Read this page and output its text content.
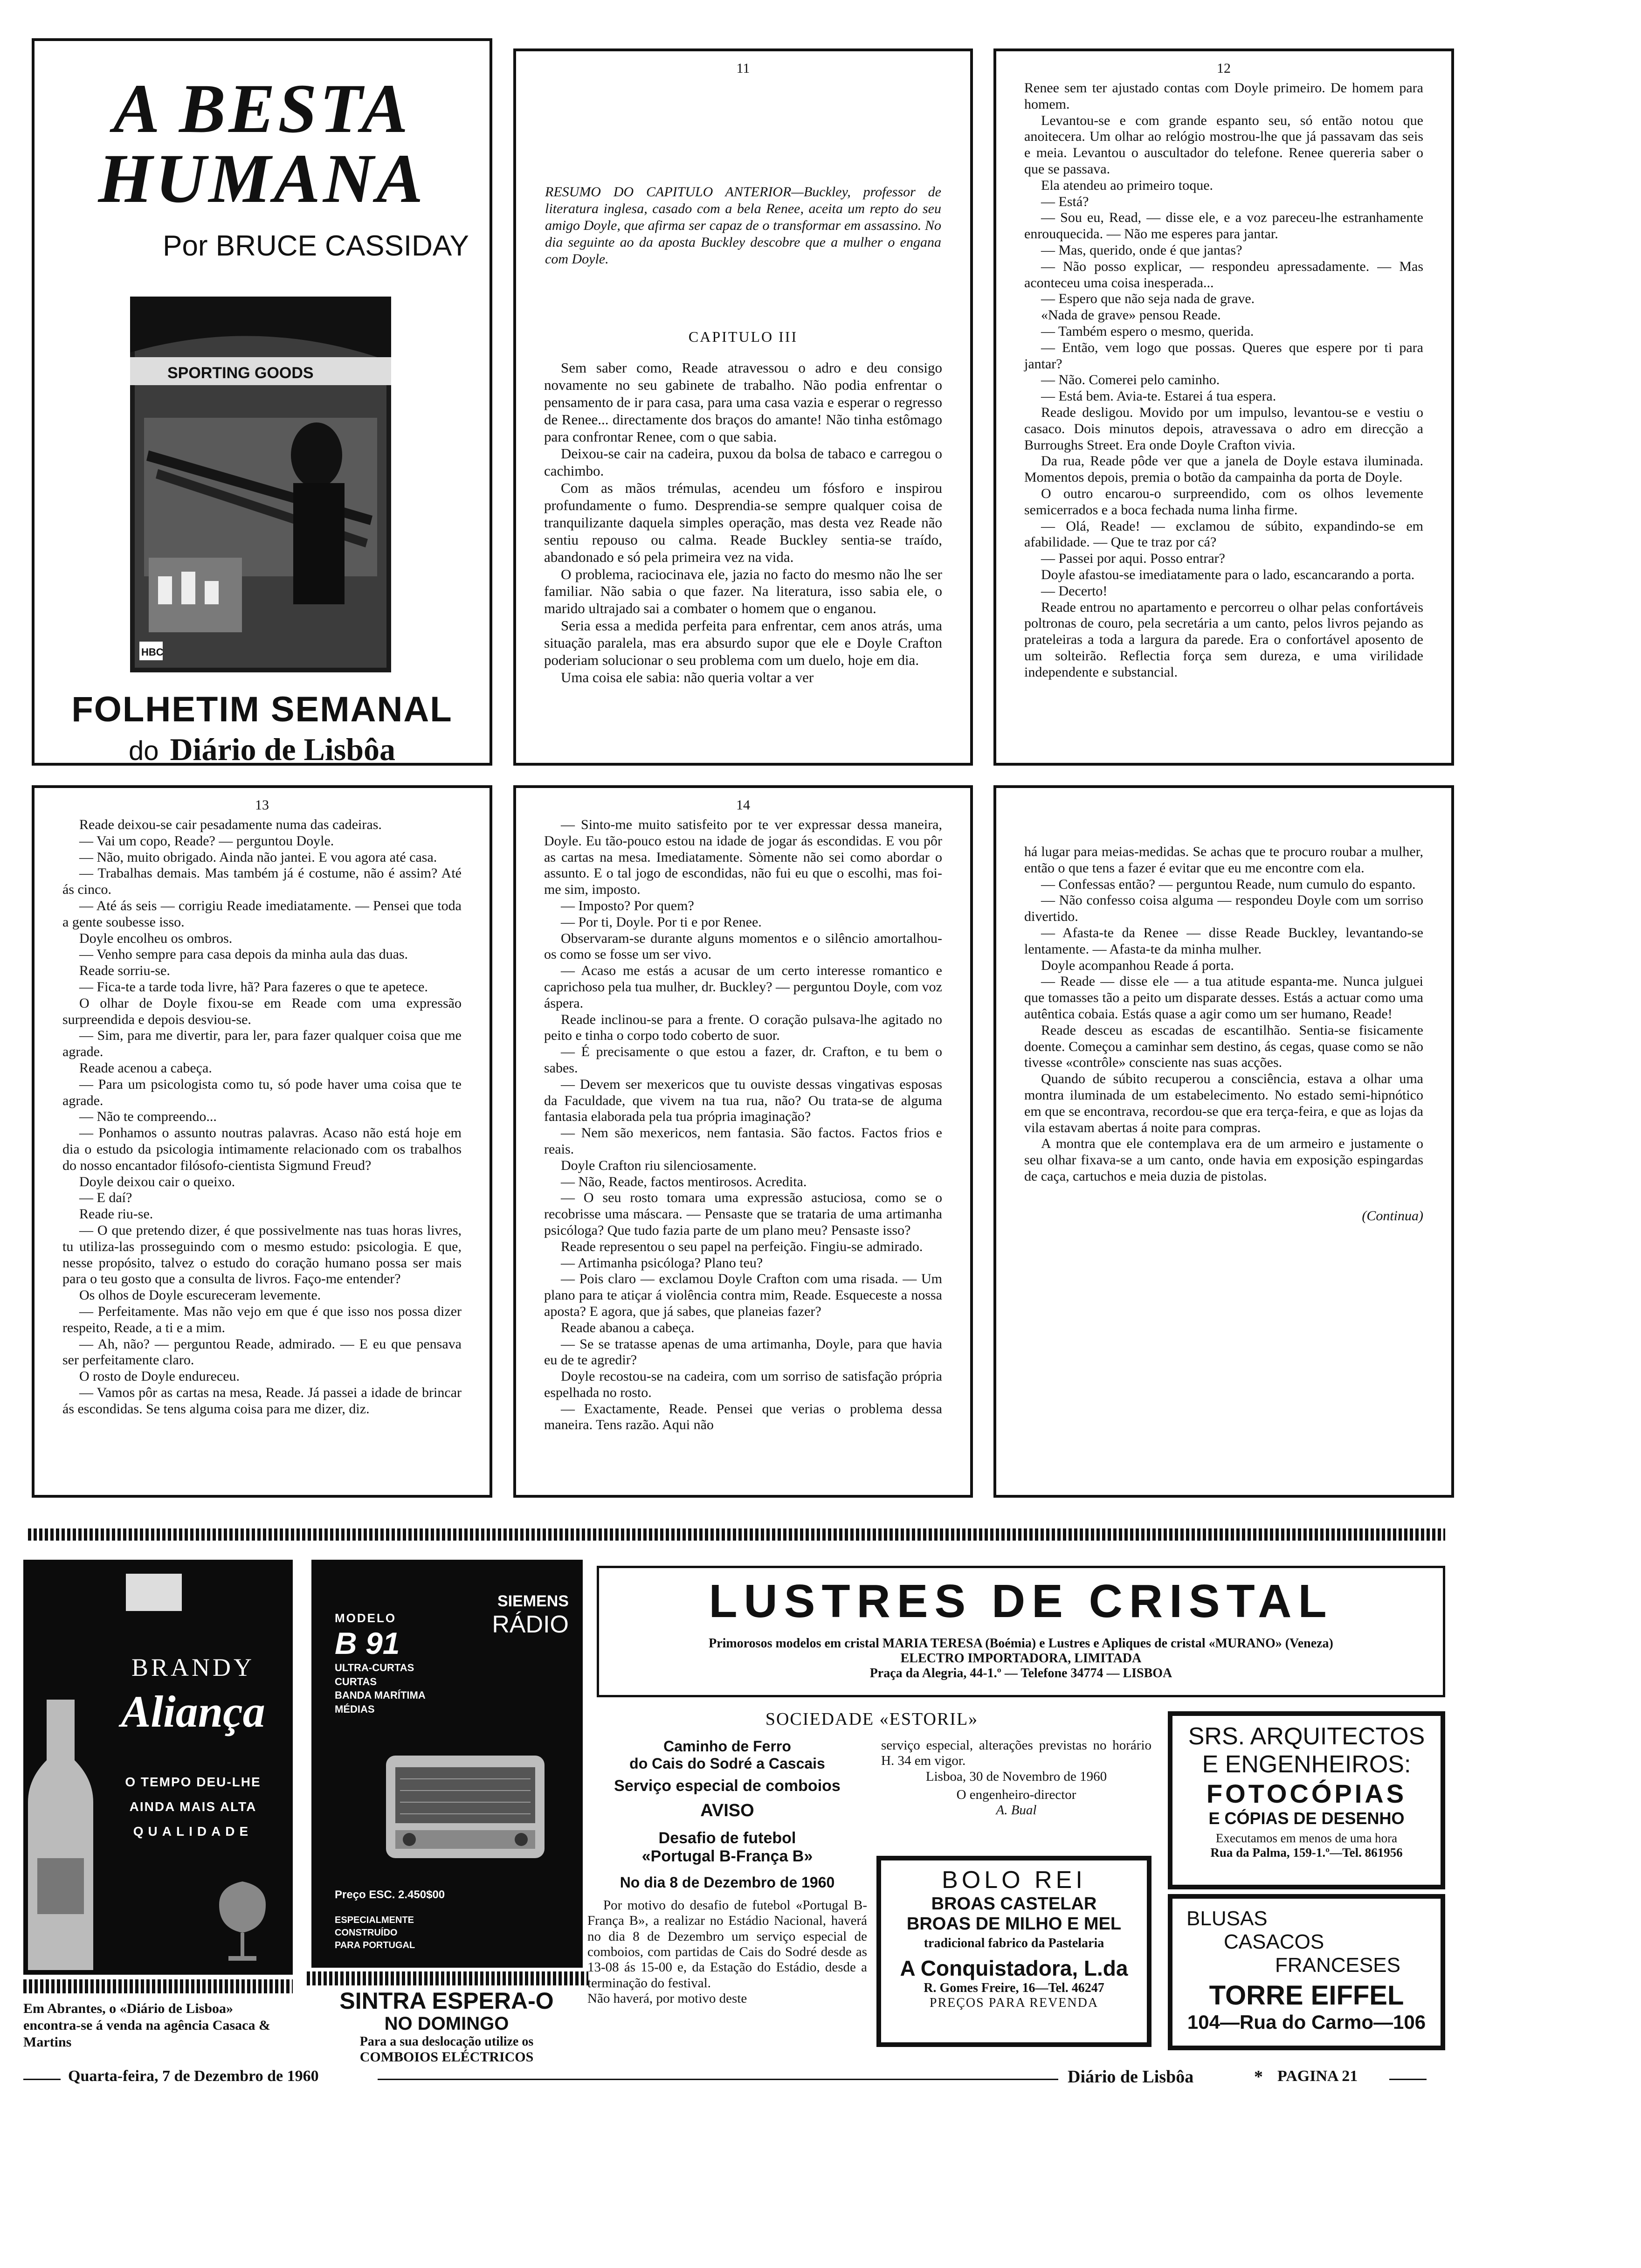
A BESTA
HUMANA
Por BRUCE CASSIDAY
SPORTING GOODS
HBC
FOLHETIM SEMANAL
do Diário de Lisbôa
11
RESUMO DO CAPITULO ANTERIOR—Buckley, professor de literatura inglesa, casado com a bela Renee, aceita um repto do seu amigo Doyle, que afirma ser capaz de o transformar em assassino. No dia seguinte ao da aposta Buckley descobre que a mulher o engana com Doyle.
CAPITULO III

Sem saber como, Reade atravessou o adro e deu consigo novamente no seu gabinete de trabalho. Não podia enfrentar o pensamento de ir para casa, para uma casa vazia e esperar o regresso de Renee... directamente dos braços do amante! Não tinha estômago para confrontar Renee, com o que sabia.

Deixou-se cair na cadeira, puxou da bolsa de tabaco e carregou o cachimbo.

Com as mãos trémulas, acendeu um fósforo e inspirou profundamente o fumo. Desprendia-se sempre qualquer coisa de tranquilizante daquela simples operação, mas desta vez Reade não sentiu repouso ou calma. Reade Buckley sentia-se traído, abandonado e só pela primeira vez na vida.

O problema, raciocinava ele, jazia no facto do mesmo não lhe ser familiar. Não sabia o que fazer. Na literatura, isso sabia ele, o marido ultrajado sai a combater o homem que o enganou.

Seria essa a medida perfeita para enfrentar, cem anos atrás, uma situação paralela, mas era absurdo supor que ele e Doyle Crafton poderiam solucionar o seu problema com um duelo, hoje em dia.

Uma coisa ele sabia: não queria voltar a ver

12

Renee sem ter ajustado contas com Doyle primeiro. De homem para homem.

Levantou-se e com grande espanto seu, só então notou que anoitecera. Um olhar ao relógio mostrou-lhe que já passavam das seis e meia. Levantou o auscultador do telefone. Renee quereria saber o que se passava.

Ela atendeu ao primeiro toque.

— Está?

— Sou eu, Read, — disse ele, e a voz pareceu-lhe estranhamente enrouquecida. — Não me esperes para jantar.

— Mas, querido, onde é que jantas?

— Não posso explicar, — respondeu apressadamente. — Mas aconteceu uma coisa inesperada...

— Espero que não seja nada de grave.

«Nada de grave» pensou Reade.

— Também espero o mesmo, querida.

— Então, vem logo que possas. Queres que espere por ti para jantar?

— Não. Comerei pelo caminho.

— Está bem. Avia-te. Estarei á tua espera.

Reade desligou. Movido por um impulso, levantou-se e vestiu o casaco. Dois minutos depois, atravessava o adro em direcção a Burroughs Street. Era onde Doyle Crafton vivia.

Da rua, Reade pôde ver que a janela de Doyle estava iluminada. Momentos depois, premia o botão da campainha da porta de Doyle.

O outro encarou-o surpreendido, com os olhos levemente semicerrados e a boca fechada numa linha firme.

— Olá, Reade! — exclamou de súbito, expandindo-se em afabilidade. — Que te traz por cá?

— Passei por aqui. Posso entrar?

Doyle afastou-se imediatamente para o lado, escancarando a porta.

— Decerto!

Reade entrou no apartamento e percorreu o olhar pelas confortáveis poltronas de couro, pela secretária a um canto, pelos livros pejando as prateleiras a toda a largura da parede. Era o confortável aposento de um solteirão. Reflectia força sem dureza, e uma virilidade independente e substancial.

13

Reade deixou-se cair pesadamente numa das cadeiras.

— Vai um copo, Reade? — perguntou Doyle.

— Não, muito obrigado. Ainda não jantei. E vou agora até casa.

— Trabalhas demais. Mas também já é costume, não é assim? Até ás cinco.

— Até ás seis — corrigiu Reade imediatamente. — Pensei que toda a gente soubesse isso.

Doyle encolheu os ombros.

— Venho sempre para casa depois da minha aula das duas.

Reade sorriu-se.

— Fica-te a tarde toda livre, hã? Para fazeres o que te apetece.

O olhar de Doyle fixou-se em Reade com uma expressão surpreendida e depois desviou-se.

— Sim, para me divertir, para ler, para fazer qualquer coisa que me agrade.

Reade acenou a cabeça.

— Para um psicologista como tu, só pode haver uma coisa que te agrade.

— Não te compreendo...

— Ponhamos o assunto noutras palavras. Acaso não está hoje em dia o estudo da psicologia intimamente relacionado com os trabalhos do nosso encantador filósofo-cientista Sigmund Freud?

Doyle deixou cair o queixo.

— E daí?

Reade riu-se.

— O que pretendo dizer, é que possivelmente nas tuas horas livres, tu utiliza-las prosseguindo com o mesmo estudo: psicologia. E que, nesse propósito, talvez o estudo do coração humano possa ser mais para o teu gosto que a consulta de livros. Faço-me entender?

Os olhos de Doyle escureceram levemente.

— Perfeitamente. Mas não vejo em que é que isso nos possa dizer respeito, Reade, a ti e a mim.

— Ah, não? — perguntou Reade, admirado. — E eu que pensava ser perfeitamente claro.

O rosto de Doyle endureceu.

— Vamos pôr as cartas na mesa, Reade. Já passei a idade de brincar ás escondidas. Se tens alguma coisa para me dizer, diz.

14

— Sinto-me muito satisfeito por te ver expressar dessa maneira, Doyle. Eu tão-pouco estou na idade de jogar ás escondidas. E vou pôr as cartas na mesa. Imediatamente. Sòmente não sei como abordar o assunto. E o tal jogo de escondidas, não fui eu que o escolhi, mas foi-me sim, imposto.

— Imposto? Por quem?

— Por ti, Doyle. Por ti e por Renee.

Observaram-se durante alguns momentos e o silêncio amortalhou-os como se fosse um ser vivo.

— Acaso me estás a acusar de um certo interesse romantico e caprichoso pela tua mulher, dr. Buckley? — perguntou Doyle, com voz áspera.

Reade inclinou-se para a frente. O coração pulsava-lhe agitado no peito e tinha o corpo todo coberto de suor.

— É precisamente o que estou a fazer, dr. Crafton, e tu bem o sabes.

— Devem ser mexericos que tu ouviste dessas vingativas esposas da Faculdade, que vivem na tua rua, não? Ou trata-se de alguma fantasia elaborada pela tua própria imaginação?

— Nem são mexericos, nem fantasia. São factos. Factos frios e reais.

Doyle Crafton riu silenciosamente.

— Não, Reade, factos mentirosos. Acredita.

— O seu rosto tomara uma expressão astuciosa, como se o recobrisse uma máscara. — Pensaste que se trataria de uma artimanha psicóloga? Que tudo fazia parte de um plano meu? Pensaste isso?

Reade representou o seu papel na perfeição. Fingiu-se admirado.

— Artimanha psicóloga? Plano teu?

— Pois claro — exclamou Doyle Crafton com uma risada. — Um plano para te atiçar á violência contra mim, Reade. Esqueceste a nossa aposta? E agora, que já sabes, que planeias fazer?

Reade abanou a cabeça.

— Se se tratasse apenas de uma artimanha, Doyle, para que havia eu de te agredir?

Doyle recostou-se na cadeira, com um sorriso de satisfação própria espelhada no rosto.

— Exactamente, Reade. Pensei que verias o problema dessa maneira. Tens razão. Aqui não

há lugar para meias-medidas. Se achas que te procuro roubar a mulher, então o que tens a fazer é evitar que eu me encontre com ela.

— Confessas então? — perguntou Reade, num cumulo do espanto.

— Não confesso coisa alguma — respondeu Doyle com um sorriso divertido.

— Afasta-te da Renee — disse Reade Buckley, levantando-se lentamente. — Afasta-te da minha mulher.

Doyle acompanhou Reade á porta.

— Reade — disse ele — a tua atitude espanta-me. Nunca julguei que tomasses tão a peito um disparate desses. Estás a actuar como uma autêntica cobaia. Estás quase a agir como um ser humano, Reade!

Reade desceu as escadas de escantilhão. Sentia-se fisicamente doente. Começou a caminhar sem destino, ás cegas, quase como se não tivesse «contrôle» consciente nas suas acções.

Quando de súbito recuperou a consciência, estava a olhar uma montra iluminada de um estabelecimento. No estado semi-hipnótico em que se encontrava, recordou-se que era terça-feira, e que as lojas da vila estavam abertas á noite para compras.

A montra que ele contemplava era de um armeiro e justamente o seu olhar fixava-se a um canto, onde havia em exposição espingardas de caça, cartuchos e meia duzia de pistolas.

(Continua)
BRANDY
Aliança
O TEMPO DEU-LHE
AINDA MAIS ALTA
QUALIDADE
Em Abrantes, o «Diário de Lisboa» encontra-se á venda na agência Casaca & Martins
SIEMENS
RÁDIO
MODELO
B 91
ULTRA-CURTAS
CURTAS
BANDA MARÍTIMA
MÉDIAS
Preço ESC. 2.450$00
ESPECIALMENTE
CONSTRUÍDO
PARA PORTUGAL
SINTRA ESPERA-O
NO DOMINGO
Para a sua deslocação utilize os
COMBOIOS ELÉCTRICOS
LUSTRES DE CRISTAL
Primorosos modelos em cristal MARIA TERESA (Boémia) e Lustres e Apliques de cristal «MURANO» (Veneza)
ELECTRO IMPORTADORA, LIMITADA
Praça da Alegria, 44-1.º — Telefone 34774 — LISBOA
SOCIEDADE «ESTORIL»
Caminho de Ferro
do Cais do Sodré a Cascais
Serviço especial de comboios
AVISO
Desafio de futebol
«Portugal B-França B»
No dia 8 de Dezembro de 1960
Por motivo do desafio de futebol «Portugal B-França B», a realizar no Estádio Nacional, haverá no dia 8 de Dezembro um serviço especial de comboios, com partidas de Cais do Sodré desde as 13-08 ás 15-00 e, da Estação do Estádio, desde a terminação do festival.
Não haverá, por motivo deste
serviço especial, alterações previstas no horário H. 34 em vigor.
Lisboa, 30 de Novembro de 1960
O engenheiro-director
A. Bual
BOLO REI
BROAS CASTELAR
BROAS DE MILHO E MEL
tradicional fabrico da Pastelaria
A Conquistadora, L.da
R. Gomes Freire, 16—Tel. 46247
PREÇOS PARA REVENDA
SRS. ARQUITECTOS
E ENGENHEIROS:
FOTOCÓPIAS
E CÓPIAS DE DESENHO
Executamos em menos de uma hora
Rua da Palma, 159-1.º—Tel. 861956
BLUSAS
CASACOS
FRANCESES
TORRE EIFFEL
104—Rua do Carmo—106
Quarta-feira, 7 de Dezembro de 1960	Diário de Lisbôa	* PAGINA 21
